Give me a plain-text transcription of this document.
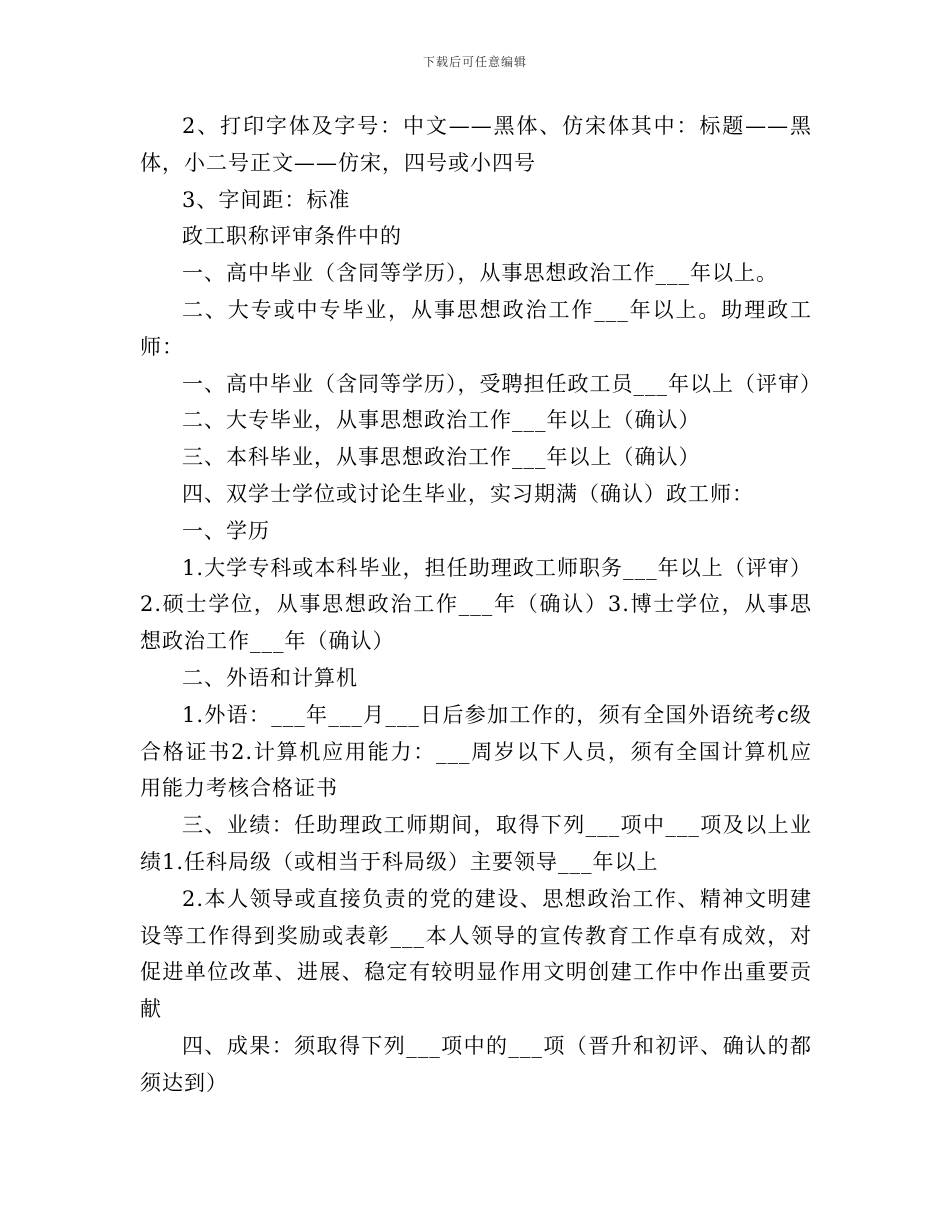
下载后可任意编辑

2、打印字体及字号：中文——黑体、仿宋体其中：标题——黑体，小二号正文——仿宋，四号或小四号

3、字间距：标准

政工职称评审条件中的

一、高中毕业（含同等学历），从事思想政治工作___年以上。

二、大专或中专毕业，从事思想政治工作___年以上。助理政工师：

一、高中毕业（含同等学历），受聘担任政工员___年以上（评审）

二、大专毕业，从事思想政治工作___年以上（确认）

三、本科毕业，从事思想政治工作___年以上（确认）

四、双学士学位或讨论生毕业，实习期满（确认）政工师：

一、学历

1.大学专科或本科毕业，担任助理政工师职务___年以上（评审）2.硕士学位，从事思想政治工作___年（确认）3.博士学位，从事思想政治工作___年（确认）

二、外语和计算机

1.外语：___年___月___日后参加工作的，须有全国外语统考c级合格证书2.计算机应用能力：___周岁以下人员，须有全国计算机应用能力考核合格证书

三、业绩：任助理政工师期间，取得下列___项中___项及以上业绩1.任科局级（或相当于科局级）主要领导___年以上

2.本人领导或直接负责的党的建设、思想政治工作、精神文明建设等工作得到奖励或表彰___本人领导的宣传教育工作卓有成效，对促进单位改革、进展、稳定有较明显作用文明创建工作中作出重要贡献

四、成果：须取得下列___项中的___项（晋升和初评、确认的都须达到）
